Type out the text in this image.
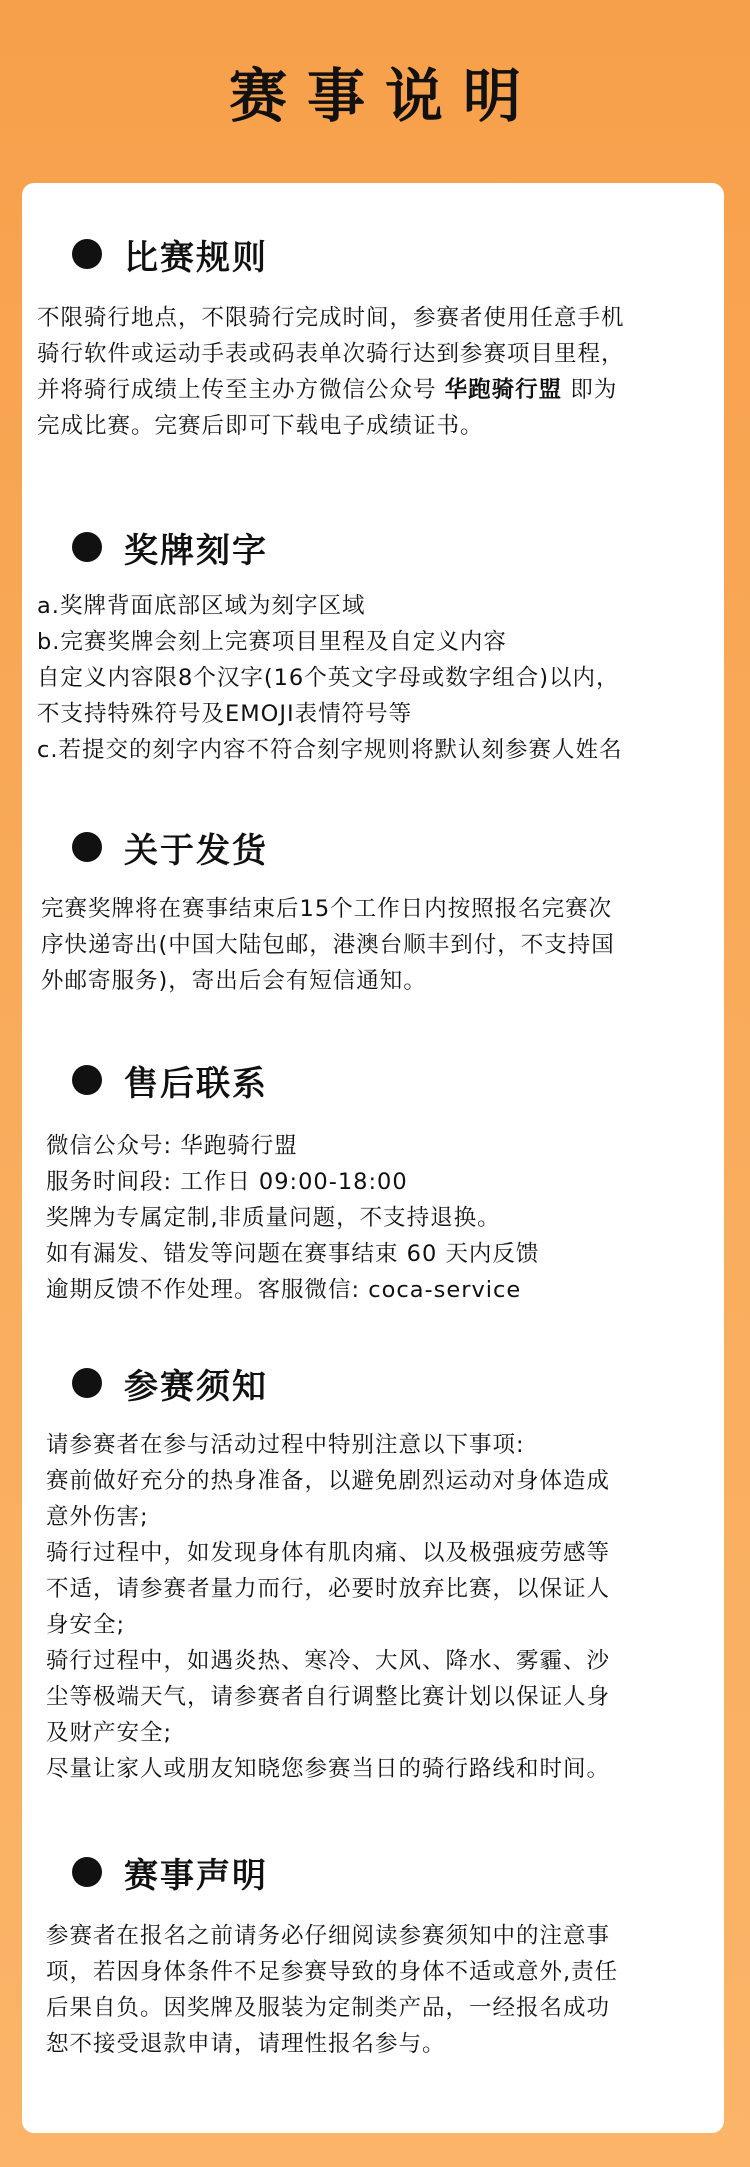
赛事说明
比赛规则

不限骑行地点，不限骑行完成时间，参赛者使用任意手机

骑行软件或运动手表或码表单次骑行达到参赛项目里程，

并将骑行成绩上传至主办方微信公众号 华跑骑行盟 即为

完成比赛。完赛后即可下载电子成绩证书。

奖牌刻字

a.奖牌背面底部区域为刻字区域

b.完赛奖牌会刻上完赛项目里程及自定义内容

自定义内容限8个汉字(16个英文字母或数字组合)以内，

不支持特殊符号及EMOJI表情符号等

c.若提交的刻字内容不符合刻字规则将默认刻参赛人姓名

关于发货

完赛奖牌将在赛事结束后15个工作日内按照报名完赛次

序快递寄出(中国大陆包邮，港澳台顺丰到付，不支持国

外邮寄服务)，寄出后会有短信通知。

售后联系

微信公众号: 华跑骑行盟

服务时间段: 工作日 09:00-18:00

奖牌为专属定制,非质量问题，不支持退换。

如有漏发、错发等问题在赛事结束 60 天内反馈

逾期反馈不作处理。客服微信: coca-service

参赛须知

请参赛者在参与活动过程中特别注意以下事项:

赛前做好充分的热身准备，以避免剧烈运动对身体造成

意外伤害;

骑行过程中，如发现身体有肌肉痛、以及极强疲劳感等

不适，请参赛者量力而行，必要时放弃比赛，以保证人

身安全;

骑行过程中，如遇炎热、寒冷、大风、降水、雾霾、沙

尘等极端天气，请参赛者自行调整比赛计划以保证人身

及财产安全;

尽量让家人或朋友知晓您参赛当日的骑行路线和时间。

赛事声明

参赛者在报名之前请务必仔细阅读参赛须知中的注意事

项，若因身体条件不足参赛导致的身体不适或意外,责任

后果自负。因奖牌及服装为定制类产品，一经报名成功

恕不接受退款申请，请理性报名参与。
